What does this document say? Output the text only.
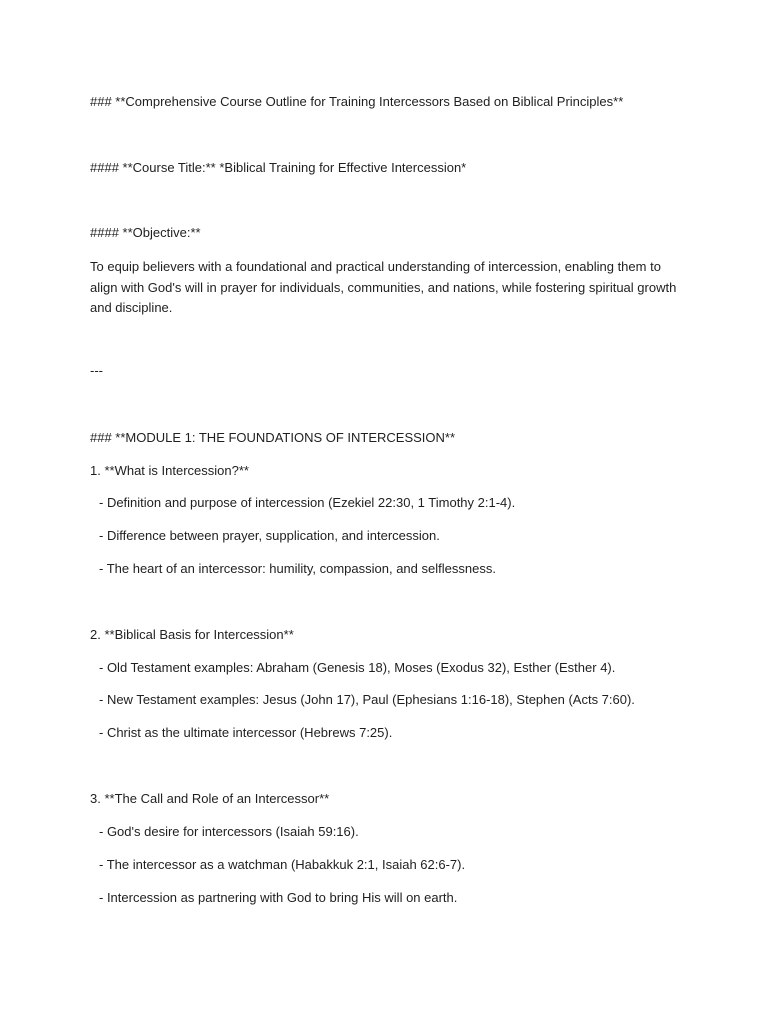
### **Comprehensive Course Outline for Training Intercessors Based on Biblical Principles**

#### **Course Title:** *Biblical Training for Effective Intercession*

#### **Objective:**

To equip believers with a foundational and practical understanding of intercession, enabling them to align with God's will in prayer for individuals, communities, and nations, while fostering spiritual growth and discipline.

---

### **MODULE 1: THE FOUNDATIONS OF INTERCESSION**

1. **What is Intercession?**

- Definition and purpose of intercession (Ezekiel 22:30, 1 Timothy 2:1-4).

- Difference between prayer, supplication, and intercession.

- The heart of an intercessor: humility, compassion, and selflessness.

2. **Biblical Basis for Intercession**

- Old Testament examples: Abraham (Genesis 18), Moses (Exodus 32), Esther (Esther 4).

- New Testament examples: Jesus (John 17), Paul (Ephesians 1:16-18), Stephen (Acts 7:60).

- Christ as the ultimate intercessor (Hebrews 7:25).

3. **The Call and Role of an Intercessor**

- God's desire for intercessors (Isaiah 59:16).

- The intercessor as a watchman (Habakkuk 2:1, Isaiah 62:6-7).

- Intercession as partnering with God to bring His will on earth.
